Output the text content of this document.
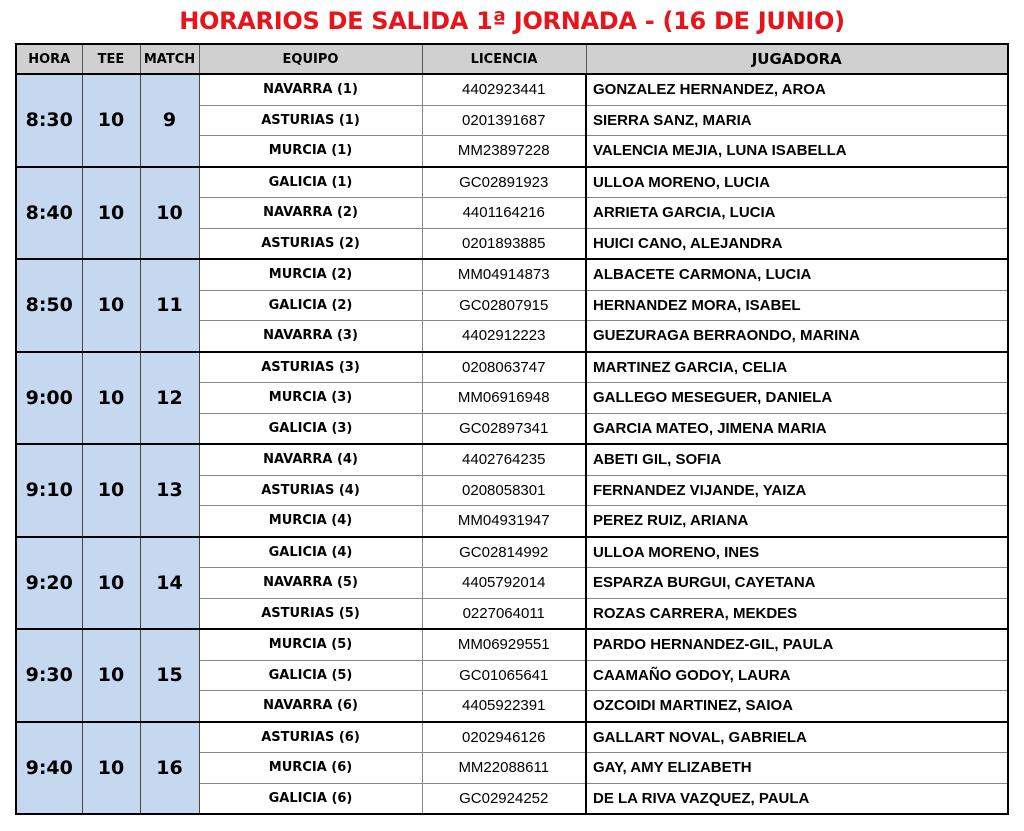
HORARIOS DE SALIDA 1ª JORNADA - (16 DE JUNIO)
HORA	TEE	MATCH	EQUIPO	LICENCIA	JUGADORA
8:30	10	9	NAVARRA (1)	4402923441	GONZALEZ HERNANDEZ, AROA
			ASTURIAS (1)	0201391687	SIERRA SANZ, MARIA
			MURCIA (1)	MM23897228	VALENCIA MEJIA, LUNA ISABELLA
8:40	10	10	GALICIA (1)	GC02891923	ULLOA MORENO, LUCIA
			NAVARRA (2)	4401164216	ARRIETA GARCIA, LUCIA
			ASTURIAS (2)	0201893885	HUICI CANO, ALEJANDRA
8:50	10	11	MURCIA (2)	MM04914873	ALBACETE CARMONA, LUCIA
			GALICIA (2)	GC02807915	HERNANDEZ MORA, ISABEL
			NAVARRA (3)	4402912223	GUEZURAGA BERRAONDO, MARINA
9:00	10	12	ASTURIAS (3)	0208063747	MARTINEZ GARCIA, CELIA
			MURCIA (3)	MM06916948	GALLEGO MESEGUER, DANIELA
			GALICIA (3)	GC02897341	GARCIA MATEO, JIMENA MARIA
9:10	10	13	NAVARRA (4)	4402764235	ABETI GIL, SOFIA
			ASTURIAS (4)	0208058301	FERNANDEZ VIJANDE, YAIZA
			MURCIA (4)	MM04931947	PEREZ RUIZ, ARIANA
9:20	10	14	GALICIA (4)	GC02814992	ULLOA MORENO, INES
			NAVARRA (5)	4405792014	ESPARZA BURGUI, CAYETANA
			ASTURIAS (5)	0227064011	ROZAS CARRERA, MEKDES
9:30	10	15	MURCIA (5)	MM06929551	PARDO HERNANDEZ-GIL, PAULA
			GALICIA (5)	GC01065641	CAAMAÑO GODOY, LAURA
			NAVARRA (6)	4405922391	OZCOIDI MARTINEZ, SAIOA
9:40	10	16	ASTURIAS (6)	0202946126	GALLART NOVAL, GABRIELA
			MURCIA (6)	MM22088611	GAY, AMY ELIZABETH
			GALICIA (6)	GC02924252	DE LA RIVA VAZQUEZ, PAULA
